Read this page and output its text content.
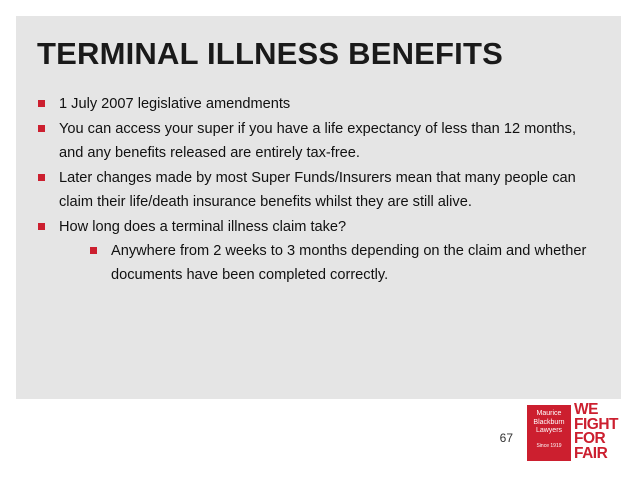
TERMINAL ILLNESS BENEFITS
1 July 2007 legislative amendments
You can access your super if you have a life expectancy of less than 12 months, and any benefits released are entirely tax-free.
Later changes made by most Super Funds/Insurers mean that many people can claim their life/death insurance benefits whilst they are still alive.
How long does a terminal illness claim take?
Anywhere from 2 weeks to 3 months depending on the claim and whether documents have been completed correctly.
67
Maurice
Blackburn
Lawyers
Since 1919
WE
FIGHT
FOR
FAIR
